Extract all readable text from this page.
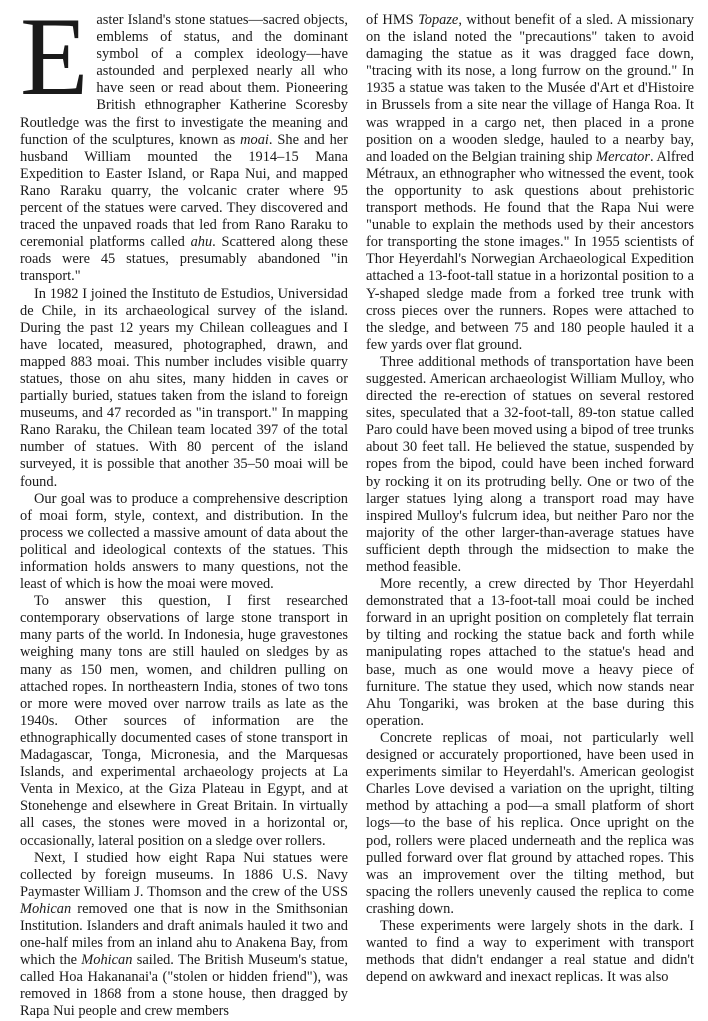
Easter Island's stone statues—sacred objects, emblems of status, and the dominant symbol of a complex ideology—have astounded and perplexed nearly all who have seen or read about them. Pioneering British ethnographer Katherine Scoresby Routledge was the first to investigate the meaning and function of the sculptures, known as moai. She and her husband William mounted the 1914–15 Mana Expedition to Easter Island, or Rapa Nui, and mapped Rano Raraku quarry, the volcanic crater where 95 percent of the statues were carved. They discovered and traced the unpaved roads that led from Rano Raraku to ceremonial platforms called ahu. Scattered along these roads were 45 statues, presumably abandoned "in transport."

In 1982 I joined the Instituto de Estudios, Universidad de Chile, in its archaeological survey of the island. During the past 12 years my Chilean colleagues and I have located, measured, photographed, drawn, and mapped 883 moai. This number includes visible quarry statues, those on ahu sites, many hidden in caves or partially buried, statues taken from the island to foreign museums, and 47 recorded as "in transport." In mapping Rano Raraku, the Chilean team located 397 of the total number of statues. With 80 percent of the island surveyed, it is possible that another 35–50 moai will be found.

Our goal was to produce a comprehensive description of moai form, style, context, and distribution. In the process we collected a massive amount of data about the political and ideological contexts of the statues. This information holds answers to many questions, not the least of which is how the moai were moved.

To answer this question, I first researched contemporary observations of large stone transport in many parts of the world. In Indonesia, huge gravestones weighing many tons are still hauled on sledges by as many as 150 men, women, and children pulling on attached ropes. In northeastern India, stones of two tons or more were moved over narrow trails as late as the 1940s. Other sources of information are the ethnographically documented cases of stone transport in Madagascar, Tonga, Micronesia, and the Marquesas Islands, and experimental archaeology projects at La Venta in Mexico, at the Giza Plateau in Egypt, and at Stonehenge and elsewhere in Great Britain. In virtually all cases, the stones were moved in a horizontal or, occasionally, lateral position on a sledge over rollers.

Next, I studied how eight Rapa Nui statues were collected by foreign museums. In 1886 U.S. Navy Paymaster William J. Thomson and the crew of the USS Mohican removed one that is now in the Smithsonian Institution. Islanders and draft animals hauled it two and one-half miles from an inland ahu to Anakena Bay, from which the Mohican sailed. The British Museum's statue, called Hoa Hakananai'a ("stolen or hidden friend"), was removed in 1868 from a stone house, then dragged by Rapa Nui people and crew members

of HMS Topaze, without benefit of a sled. A missionary on the island noted the "precautions" taken to avoid damaging the statue as it was dragged face down, "tracing with its nose, a long furrow on the ground." In 1935 a statue was taken to the Musée d'Art et d'Histoire in Brussels from a site near the village of Hanga Roa. It was wrapped in a cargo net, then placed in a prone position on a wooden sledge, hauled to a nearby bay, and loaded on the Belgian training ship Mercator. Alfred Métraux, an ethnographer who witnessed the event, took the opportunity to ask questions about prehistoric transport methods. He found that the Rapa Nui were "unable to explain the methods used by their ancestors for transporting the stone images." In 1955 scientists of Thor Heyerdahl's Norwegian Archaeological Expedition attached a 13-foot-tall statue in a horizontal position to a Y-shaped sledge made from a forked tree trunk with cross pieces over the runners. Ropes were attached to the sledge, and between 75 and 180 people hauled it a few yards over flat ground.

Three additional methods of transportation have been suggested. American archaeologist William Mulloy, who directed the re-erection of statues on several restored sites, speculated that a 32-foot-tall, 89-ton statue called Paro could have been moved using a bipod of tree trunks about 30 feet tall. He believed the statue, suspended by ropes from the bipod, could have been inched forward by rocking it on its protruding belly. One or two of the larger statues lying along a transport road may have inspired Mulloy's fulcrum idea, but neither Paro nor the majority of the other larger-than-average statues have sufficient depth through the midsection to make the method feasible.

More recently, a crew directed by Thor Heyerdahl demonstrated that a 13-foot-tall moai could be inched forward in an upright position on completely flat terrain by tilting and rocking the statue back and forth while manipulating ropes attached to the statue's head and base, much as one would move a heavy piece of furniture. The statue they used, which now stands near Ahu Tongariki, was broken at the base during this operation.

Concrete replicas of moai, not particularly well designed or accurately proportioned, have been used in experiments similar to Heyerdahl's. American geologist Charles Love devised a variation on the upright, tilting method by attaching a pod—a small platform of short logs—to the base of his replica. Once upright on the pod, rollers were placed underneath and the replica was pulled forward over flat ground by attached ropes. This was an improvement over the tilting method, but spacing the rollers unevenly caused the replica to come crashing down.

These experiments were largely shots in the dark. I wanted to find a way to experiment with transport methods that didn't endanger a real statue and didn't depend on awkward and inexact replicas. It was also
